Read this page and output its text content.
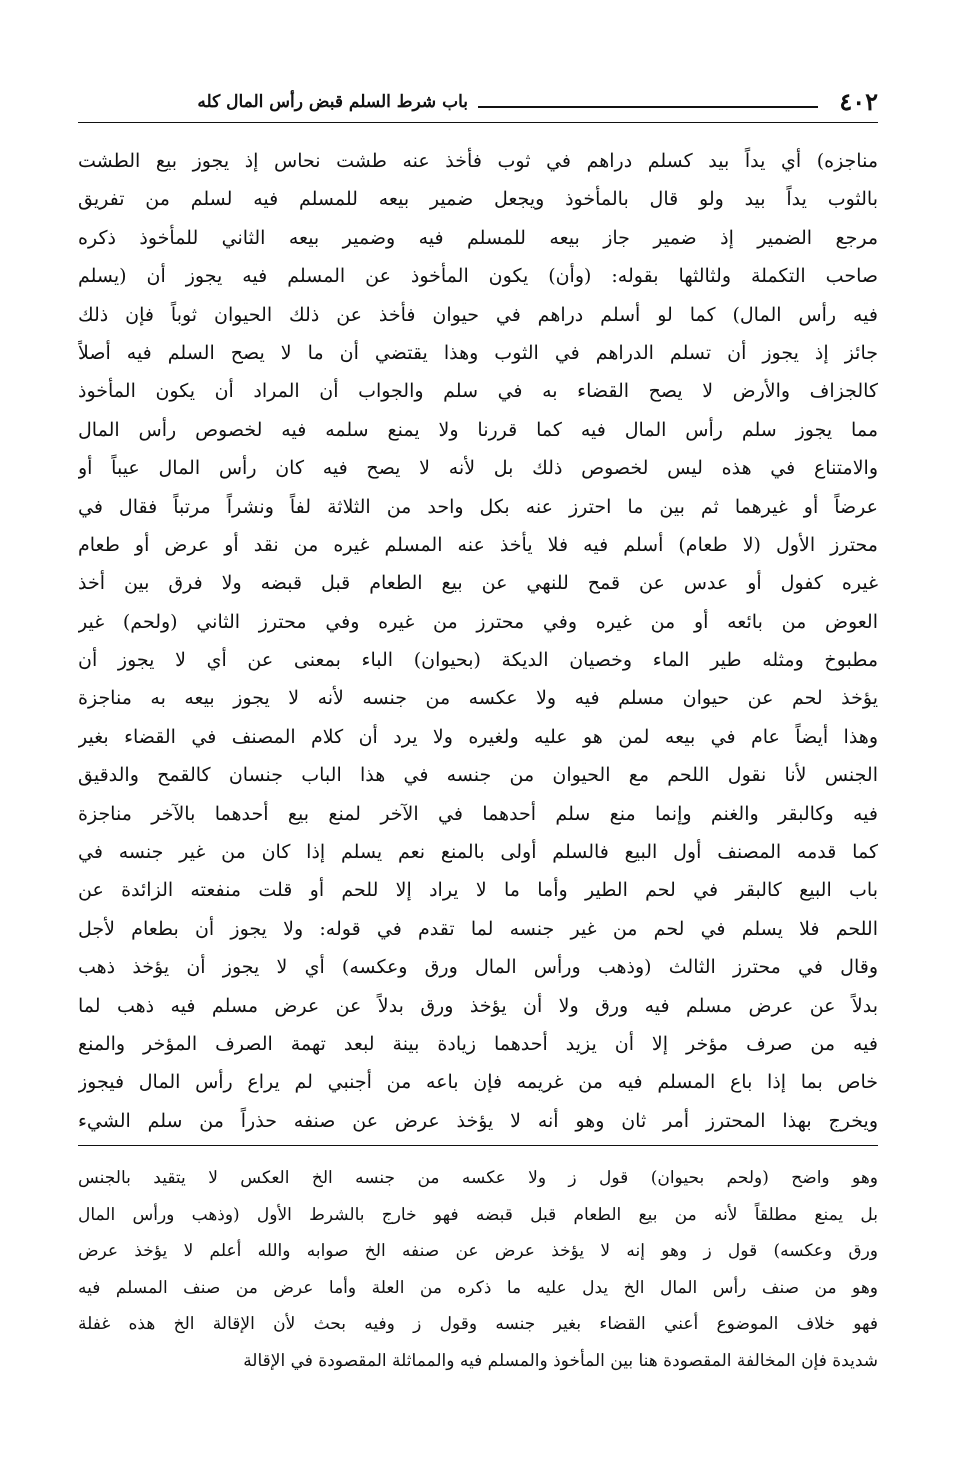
٤٠٢
باب شرط السلم قبض رأس المال كله
مناجزه) أي يداً بيد كسلم دراهم في ثوب فأخذ عنه طشت نحاس إذ يجوز بيع الطشت
بالثوب يداً بيد ولو قال بالمأخوذ ويجعل ضمير بيعه للمسلم فيه لسلم من تفريق
مرجع الضمير إذ ضمير جاز بيعه للمسلم فيه وضمير بيعه الثاني للمأخوذ ذكره
صاحب التكملة ولثالثها بقوله: (وأن) يكون المأخوذ عن المسلم فيه يجوز أن (يسلم
فيه رأس المال) كما لو أسلم دراهم في حيوان فأخذ عن ذلك الحيوان ثوباً فإن ذلك
جائز إذ يجوز أن تسلم الدراهم في الثوب وهذا يقتضي أن ما لا يصح السلم فيه أصلاً
كالجزاف والأرض لا يصح القضاء به في سلم والجواب أن المراد أن يكون المأخوذ
مما يجوز سلم رأس المال فيه كما قررنا ولا يمنع سلمه فيه لخصوص رأس المال
والامتناع في هذه ليس لخصوص ذلك بل لأنه لا يصح فيه كان رأس المال عيباً أو
عرضاً أو غيرهما ثم بين ما احترز عنه بكل واحد من الثلاثة لفاً ونشراً مرتباً فقال في
محترز الأول (لا طعام) أسلم فيه فلا يأخذ عنه المسلم غيره من نقد أو عرض أو طعام
غيره كفول أو عدس عن قمح للنهي عن بيع الطعام قبل قبضه ولا فرق بين أخذ
العوض من بائعه أو من غيره وفي محترز من غيره وفي محترز الثاني (ولحم) غير
مطبوخ ومثله طير الماء وخصيان الديكة (بحيوان) الباء بمعنى عن أي لا يجوز أن
يؤخذ لحم عن حيوان مسلم فيه ولا عكسه من جنسه لأنه لا يجوز بيعه به مناجزة
وهذا أيضاً عام في بيعه لمن هو عليه ولغيره ولا يرد أن كلام المصنف في القضاء بغير
الجنس لأنا نقول اللحم مع الحيوان من جنسه في هذا الباب جنسان كالقمح والدقيق
فيه وكالبقر والغنم وإنما منع سلم أحدهما في الآخر لمنع بيع أحدهما بالآخر مناجزة
كما قدمه المصنف أول البيع فالسلم أولى بالمنع نعم يسلم إذا كان من غير جنسه في
باب البيع كالبقر في لحم الطير وأما ما لا يراد إلا للحم أو قلت منفعته الزائدة عن
اللحم فلا يسلم في لحم من غير جنسه لما تقدم في قوله: ولا يجوز أن بطعام لأجل
وقال في محترز الثالث (وذهب ورأس المال ورق وعكسه) أي لا يجوز أن يؤخذ ذهب
بدلاً عن عرض مسلم فيه ورق ولا أن يؤخذ ورق بدلاً عن عرض مسلم فيه ذهب لما
فيه من صرف مؤخر إلا أن يزيد أحدهما زيادة بينة لبعد تهمة الصرف المؤخر والمنع
خاص بما إذا باع المسلم فيه من غريمه فإن باعه من أجنبي لم يراع رأس المال فيجوز
ويخرج بهذا المحترز أمر ثان وهو أنه لا يؤخذ عرض عن صنفه حذراً من سلم الشيء
وهو واضح (ولحم بحيوان) قول ز ولا عكسه من جنسه الخ العكس لا يتقيد بالجنس
بل يمنع مطلقاً لأنه من بيع الطعام قبل قبضه فهو خارج بالشرط الأول (وذهب ورأس المال
ورق وعكسه) قول ز وهو إنه لا يؤخذ عرض عن صنفه الخ صوابه والله أعلم لا يؤخذ عرض
وهو من صنف رأس المال الخ يدل عليه ما ذكره من العلة وأما عرض من صنف المسلم فيه
فهو خلاف الموضوع أعني القضاء بغير جنسه وقول ز وفيه بحث لأن الإقالة الخ هذه غفلة
شديدة فإن المخالفة المقصودة هنا بين المأخوذ والمسلم فيه والمماثلة المقصودة في الإقالة
